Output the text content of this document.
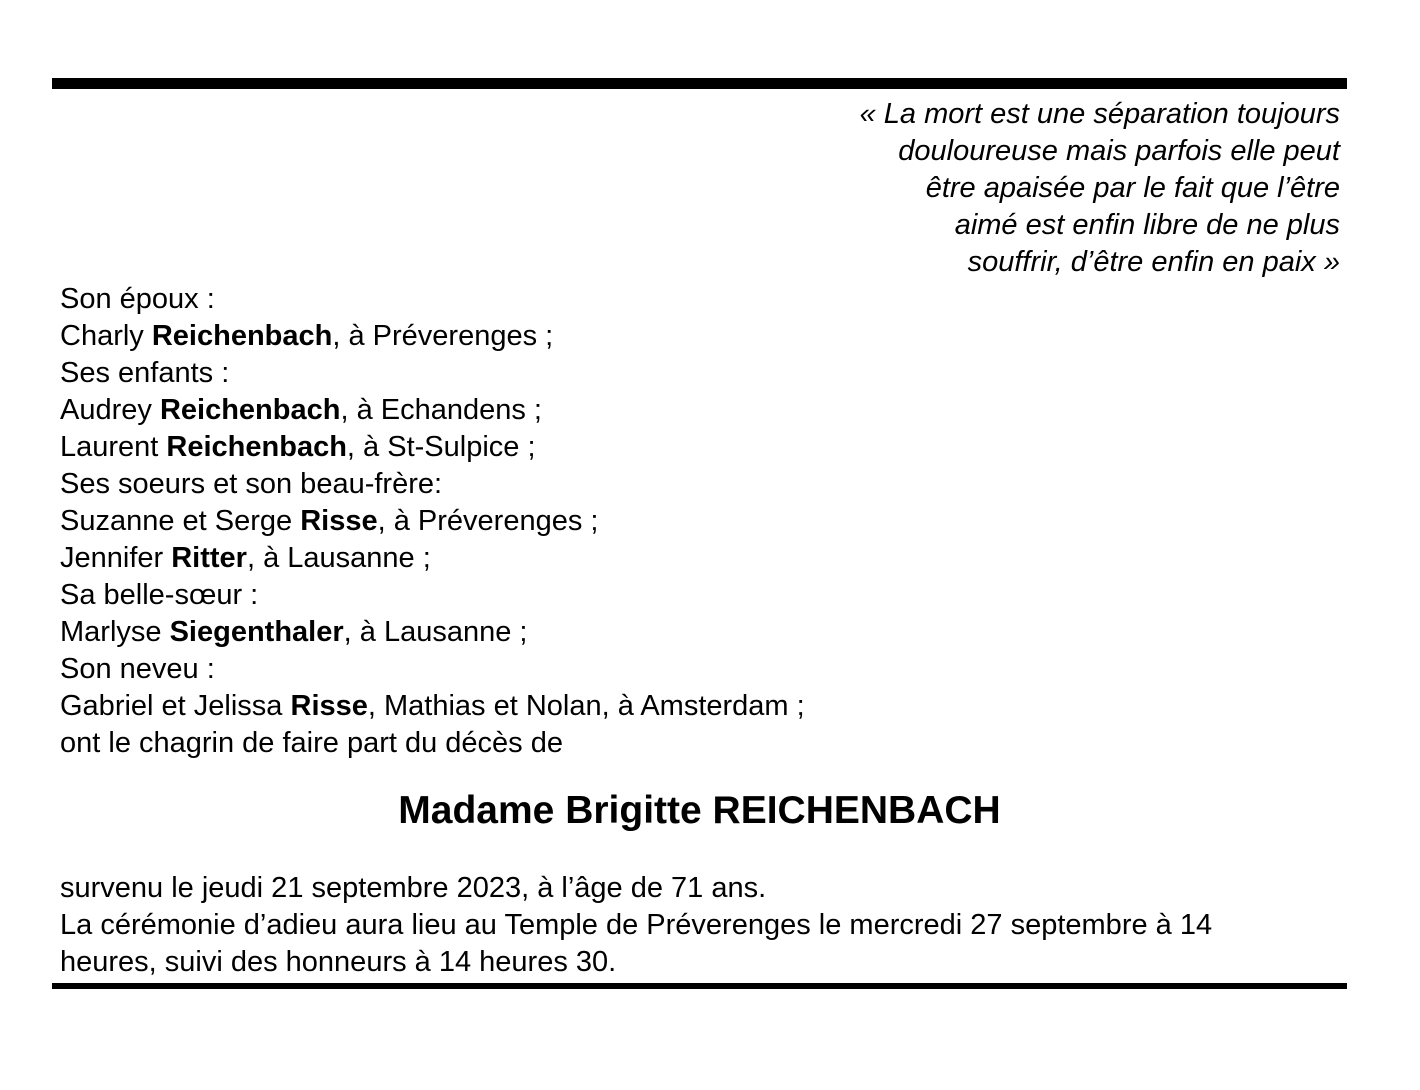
« La mort est une séparation toujours
douloureuse mais parfois elle peut
être apaisée par le fait que l’être
aimé est enfin libre de ne plus
souffrir, d’être enfin en paix »
Son époux :
Charly Reichenbach, à Préverenges ;
Ses enfants :
Audrey Reichenbach, à Echandens ;
Laurent Reichenbach, à St-Sulpice ;
Ses soeurs et son beau-frère:
Suzanne et Serge Risse, à Préverenges ;
Jennifer Ritter, à Lausanne ;
Sa belle-sœur :
Marlyse Siegenthaler, à Lausanne ;
Son neveu :
Gabriel et Jelissa Risse, Mathias et Nolan, à Amsterdam ;
ont le chagrin de faire part du décès de
Madame Brigitte REICHENBACH
survenu le jeudi 21 septembre 2023, à l’âge de 71 ans.
La cérémonie d’adieu aura lieu au Temple de Préverenges le mercredi 27 septembre à 14
heures, suivi des honneurs à 14 heures 30.
